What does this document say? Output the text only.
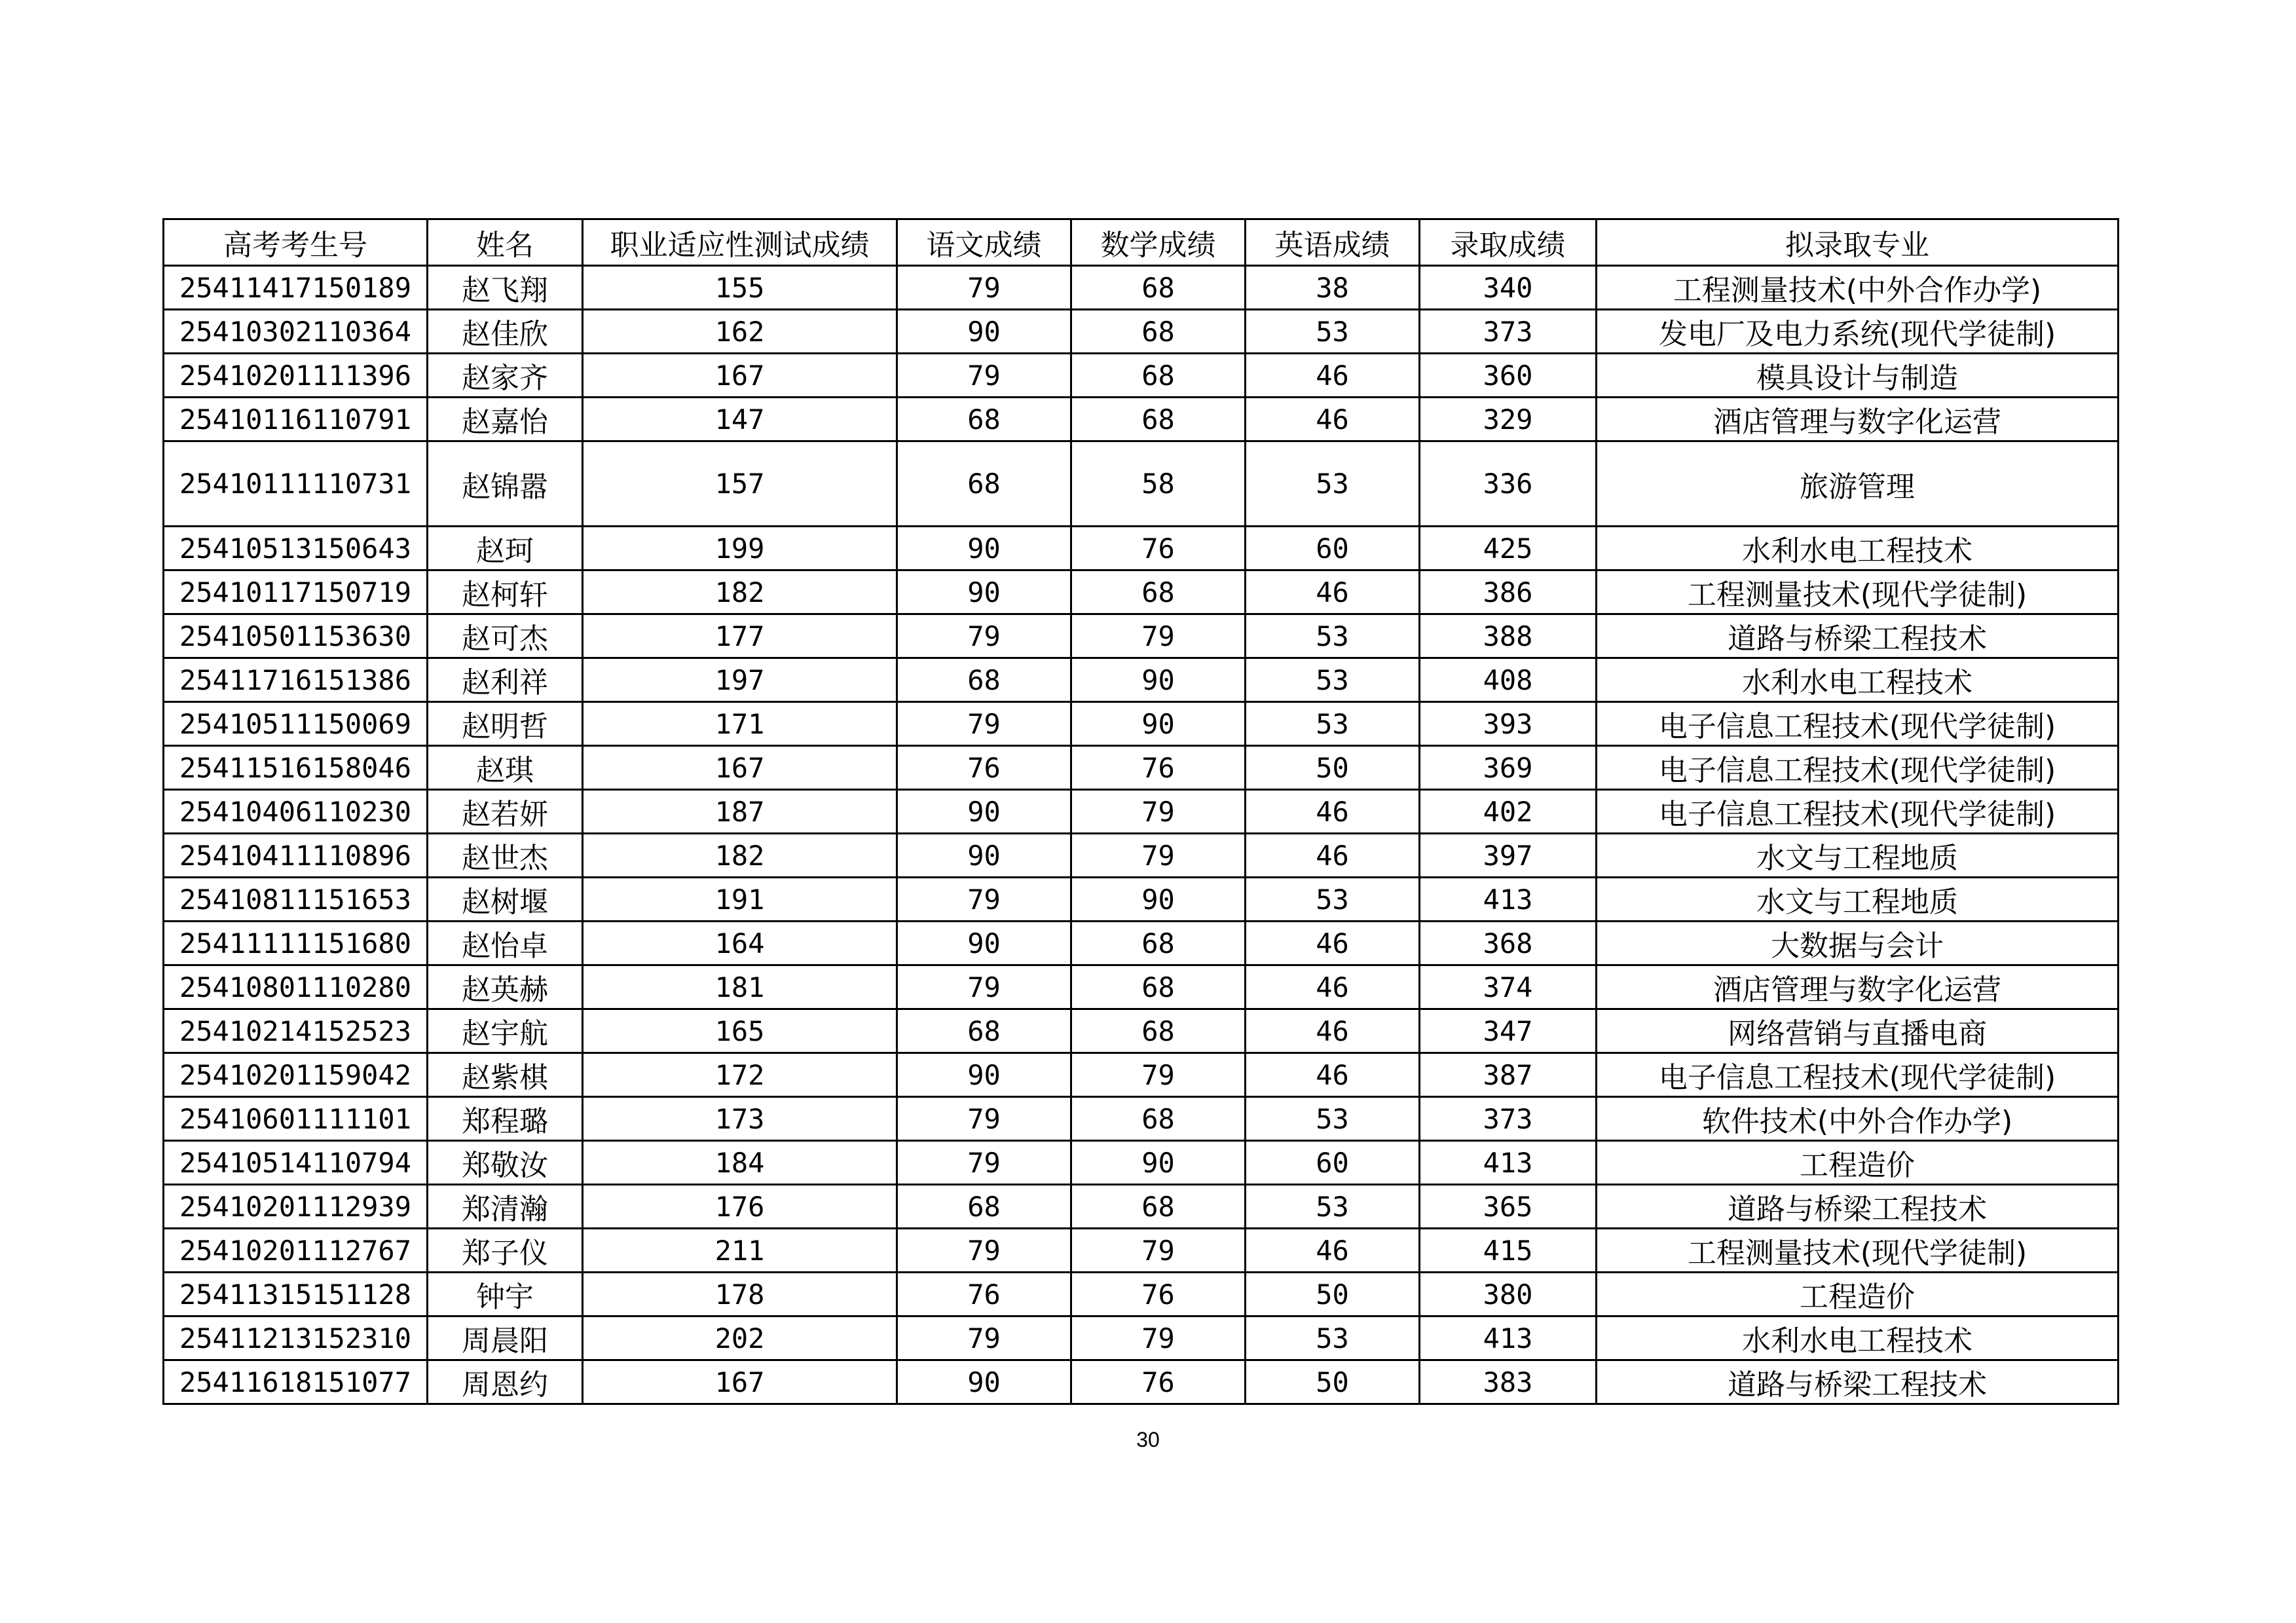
高考考生号	姓名	职业适应性测试成绩	语文成绩	数学成绩	英语成绩	录取成绩	拟录取专业
25411417150189	赵飞翔	155	79	68	38	340	工程测量技术(中外合作办学)
25410302110364	赵佳欣	162	90	68	53	373	发电厂及电力系统(现代学徒制)
25410201111396	赵家齐	167	79	68	46	360	模具设计与制造
25410116110791	赵嘉怡	147	68	68	46	329	酒店管理与数字化运营
25410111110731	赵锦嚣	157	68	58	53	336	旅游管理
25410513150643	赵珂	199	90	76	60	425	水利水电工程技术
25410117150719	赵柯轩	182	90	68	46	386	工程测量技术(现代学徒制)
25410501153630	赵可杰	177	79	79	53	388	道路与桥梁工程技术
25411716151386	赵利祥	197	68	90	53	408	水利水电工程技术
25410511150069	赵明哲	171	79	90	53	393	电子信息工程技术(现代学徒制)
25411516158046	赵琪	167	76	76	50	369	电子信息工程技术(现代学徒制)
25410406110230	赵若妍	187	90	79	46	402	电子信息工程技术(现代学徒制)
25410411110896	赵世杰	182	90	79	46	397	水文与工程地质
25410811151653	赵树堰	191	79	90	53	413	水文与工程地质
25411111151680	赵怡卓	164	90	68	46	368	大数据与会计
25410801110280	赵英赫	181	79	68	46	374	酒店管理与数字化运营
25410214152523	赵宇航	165	68	68	46	347	网络营销与直播电商
25410201159042	赵紫棋	172	90	79	46	387	电子信息工程技术(现代学徒制)
25410601111101	郑程璐	173	79	68	53	373	软件技术(中外合作办学)
25410514110794	郑敬汝	184	79	90	60	413	工程造价
25410201112939	郑清瀚	176	68	68	53	365	道路与桥梁工程技术
25410201112767	郑子仪	211	79	79	46	415	工程测量技术(现代学徒制)
25411315151128	钟宇	178	76	76	50	380	工程造价
25411213152310	周晨阳	202	79	79	53	413	水利水电工程技术
25411618151077	周恩约	167	90	76	50	383	道路与桥梁工程技术
30
